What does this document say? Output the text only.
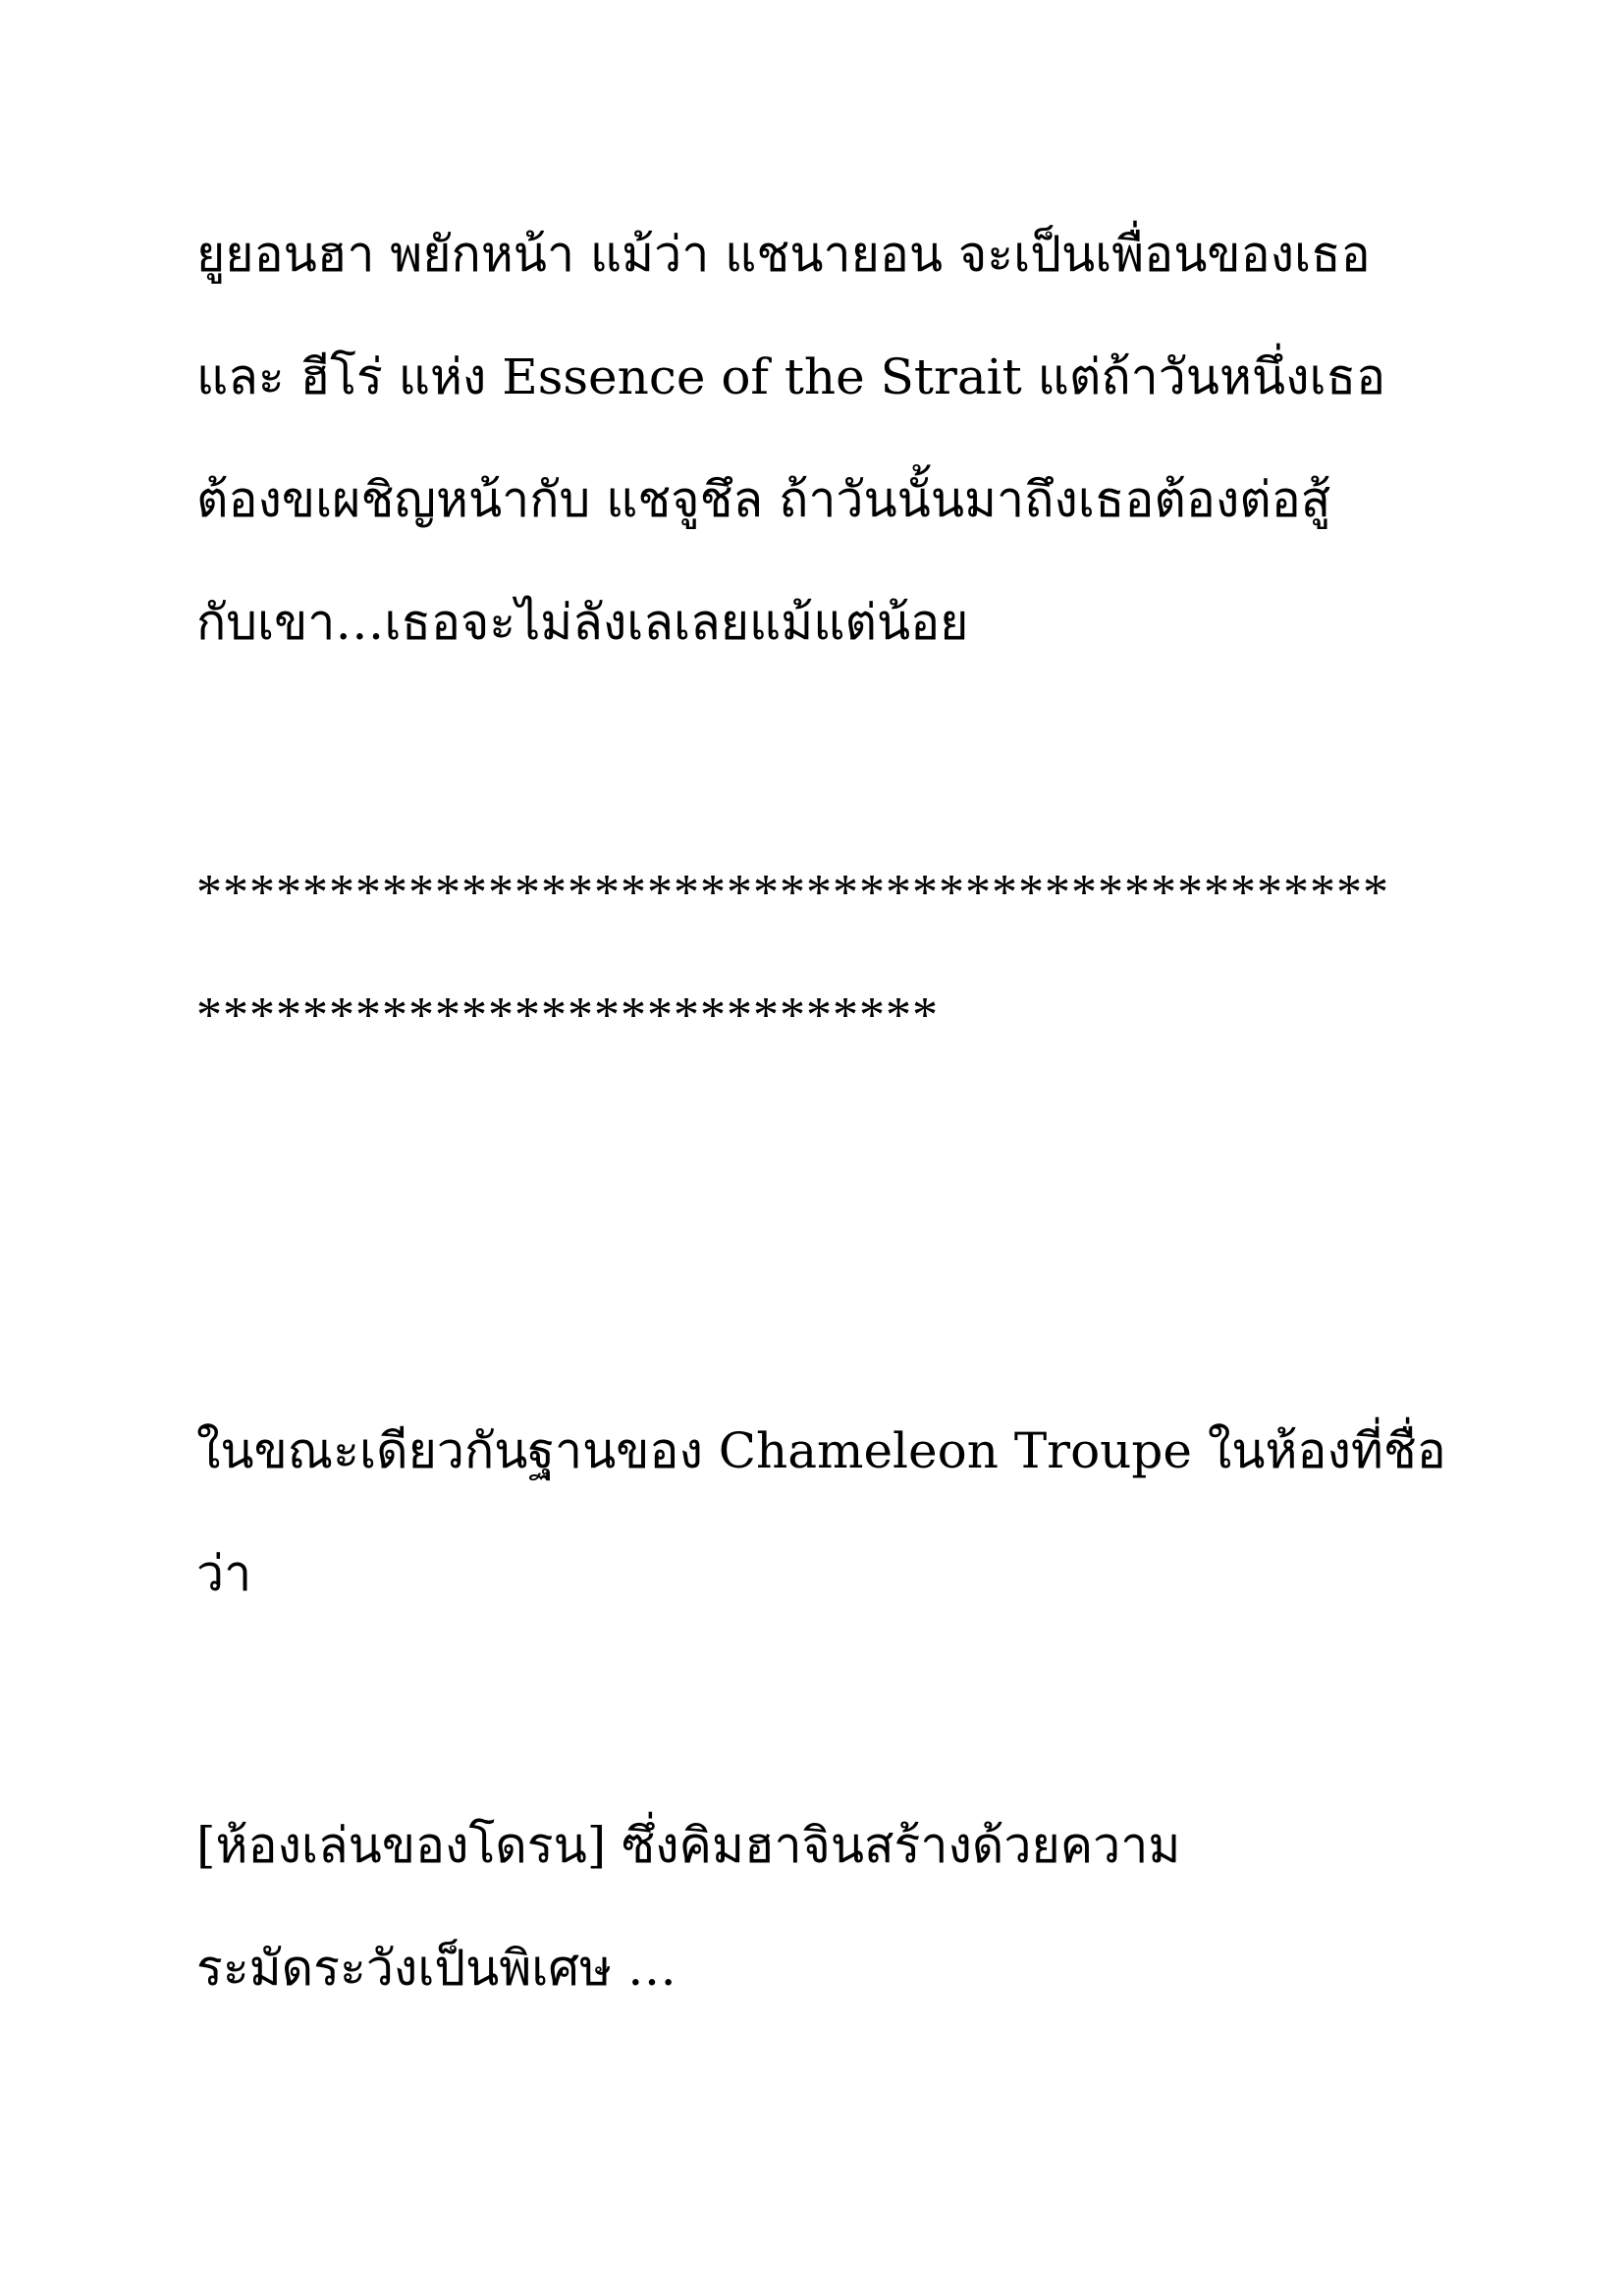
ยูยอนฮา พยักหน้า แม้ว่า แชนายอน จะเป็นเพื่อนของเธอ
และ ฮีโร่ แห่ง Essence of the Strait แต่ถ้าวันหนึ่งเธอ
ต้องขเผชิญหน้ากับ แชจูชึล ถ้าวันนั้นมาถึงเธอต้องต่อสู้
กับเขา…เธอจะไม่ลังเลเลยแม้แต่น้อย
*********************************************
****************************
ในขณะเดียวกันฐานของ Chameleon Troupe ในห้องที่ชื่อ
ว่า
[ห้องเล่นของโดรน] ซึ่งคิมฮาจินสร้างด้วยความ
ระมัดระวังเป็นพิเศษ …
